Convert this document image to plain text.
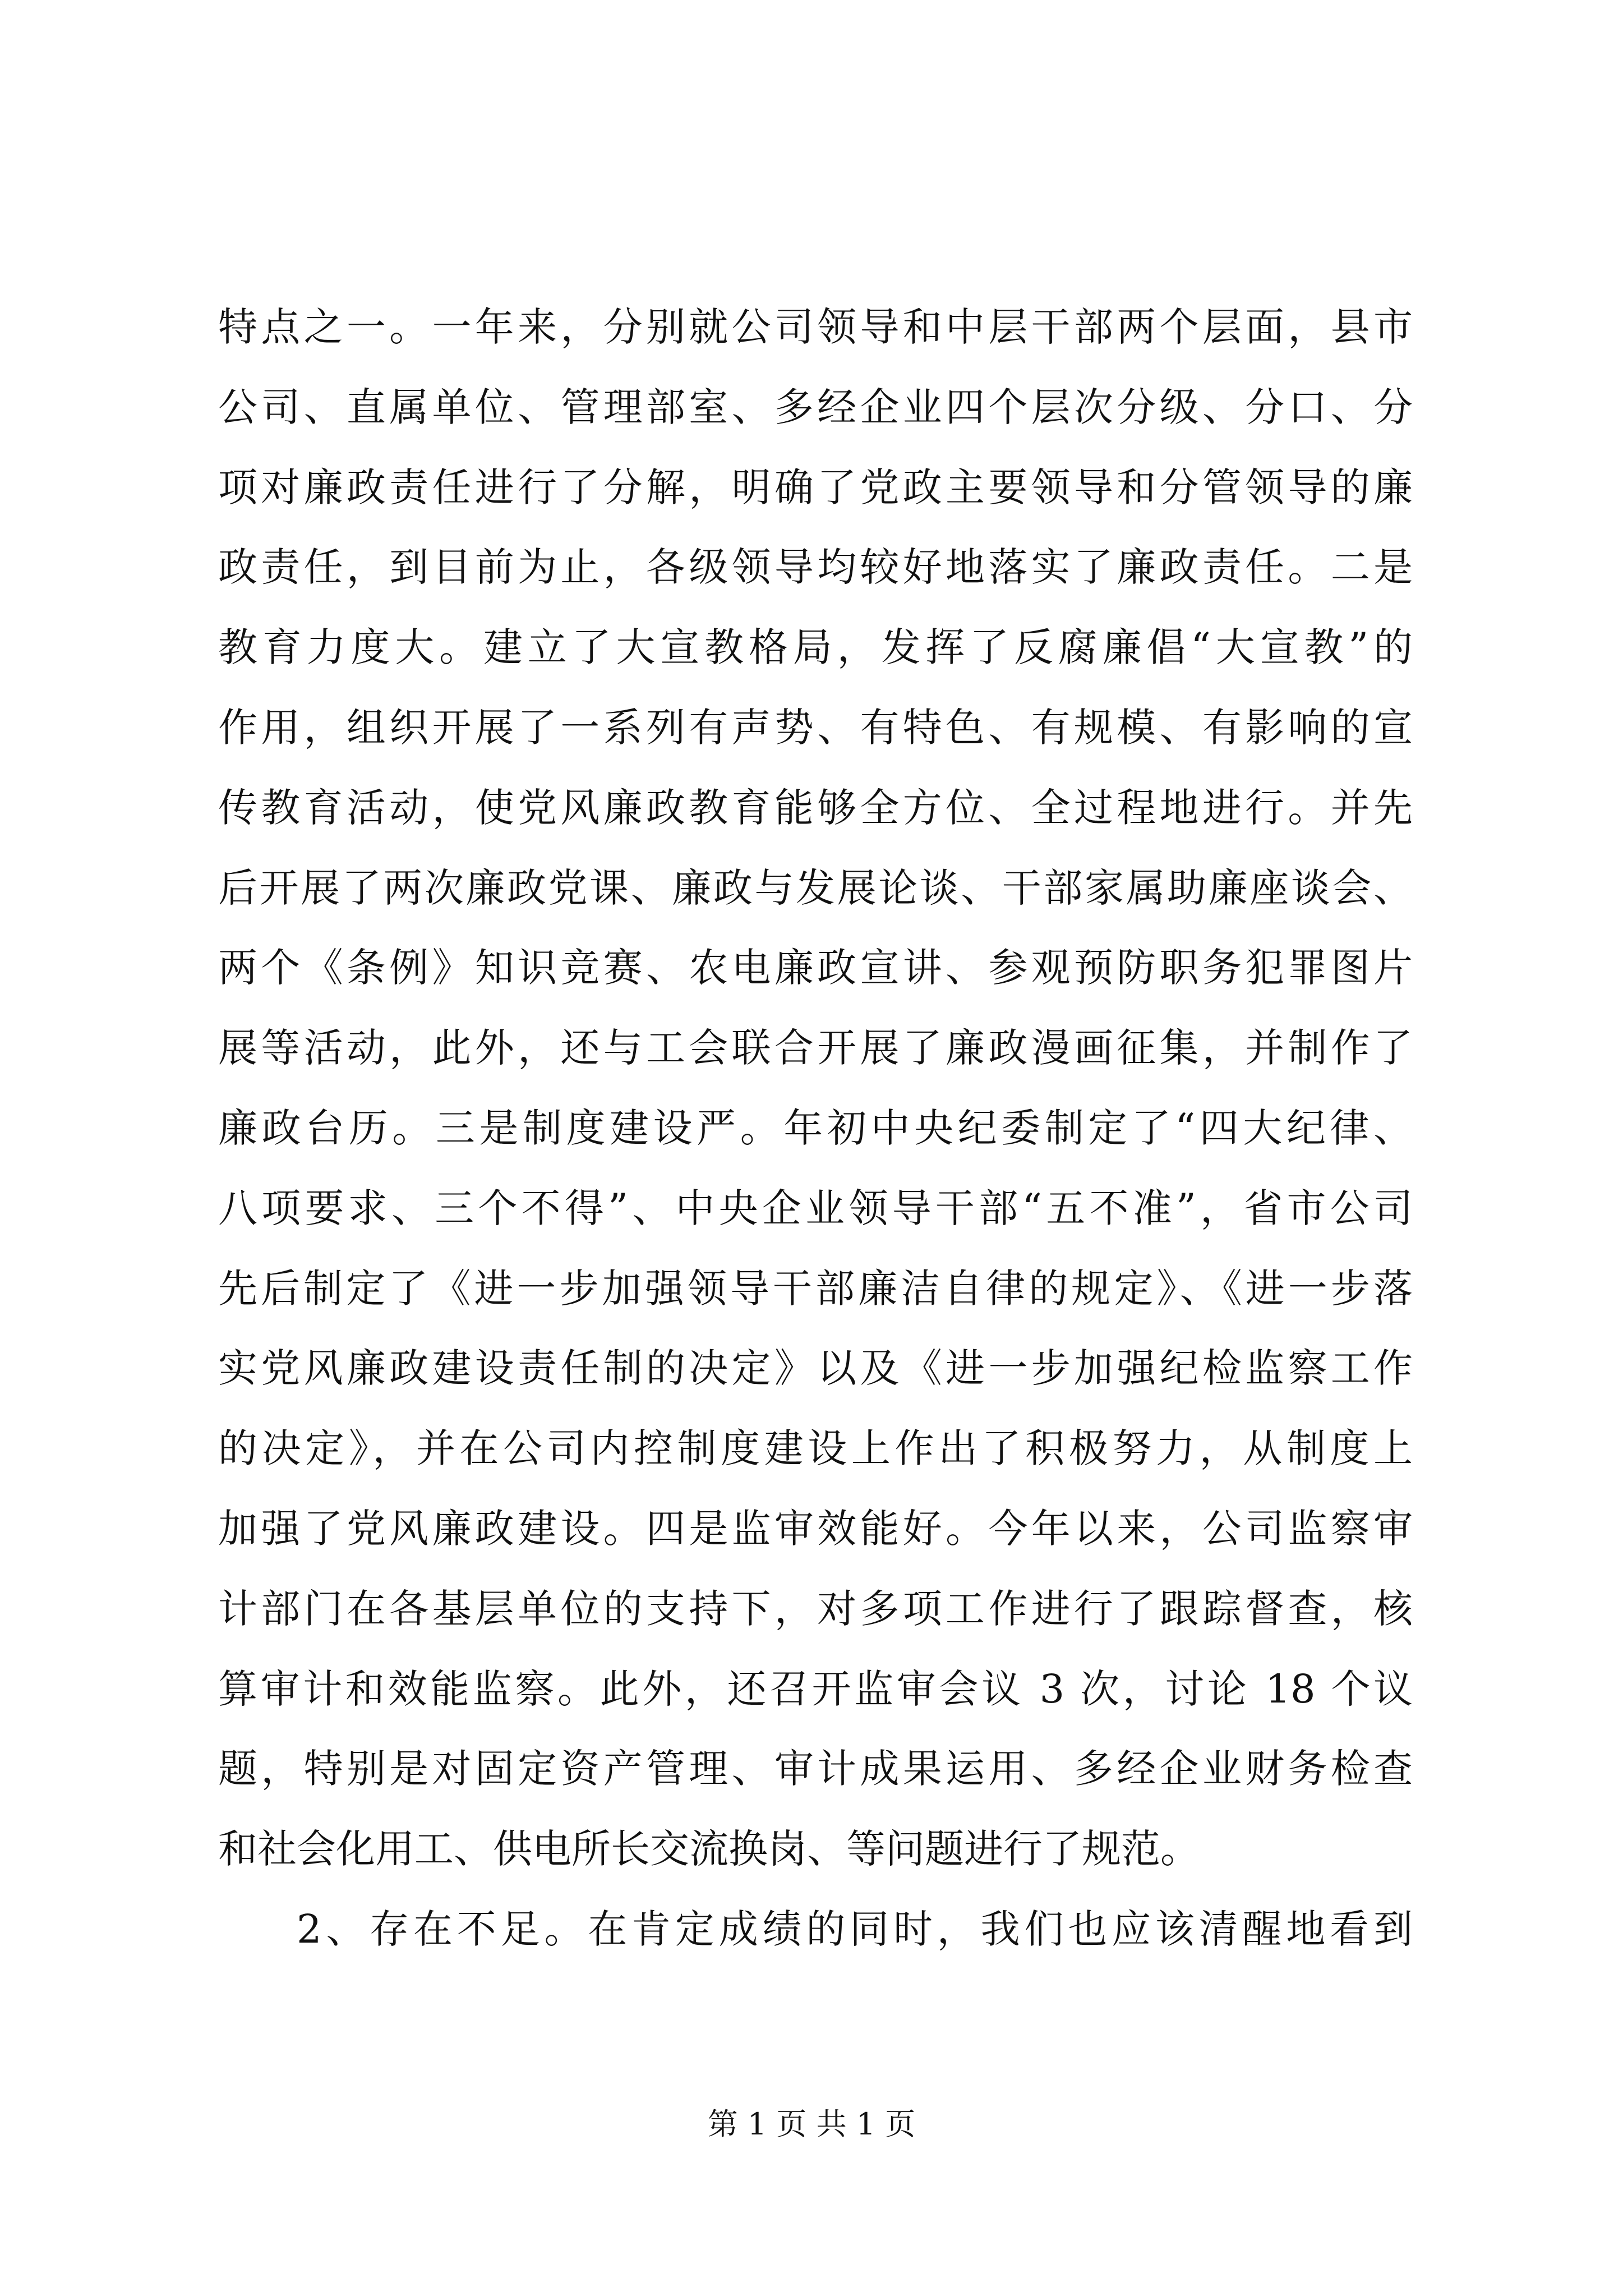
特点之一。一年来，分别就公司领导和中层干部两个层面，县市
公司、直属单位、管理部室、多经企业四个层次分级、分口、分
项对廉政责任进行了分解，明确了党政主要领导和分管领导的廉
政责任，到目前为止，各级领导均较好地落实了廉政责任。二是
教育力度大。建立了大宣教格局，发挥了反腐廉倡“大宣教”的
作用，组织开展了一系列有声势、有特色、有规模、有影响的宣
传教育活动，使党风廉政教育能够全方位、全过程地进行。并先
后开展了两次廉政党课、廉政与发展论谈、干部家属助廉座谈会、
两个《条例》知识竞赛、农电廉政宣讲、参观预防职务犯罪图片
展等活动，此外，还与工会联合开展了廉政漫画征集，并制作了
廉政台历。三是制度建设严。年初中央纪委制定了“四大纪律、
八项要求、三个不得”、中央企业领导干部“五不准”，省市公司
先后制定了《进一步加强领导干部廉洁自律的规定》、《进一步落
实党风廉政建设责任制的决定》以及《进一步加强纪检监察工作
的决定》，并在公司内控制度建设上作出了积极努力，从制度上
加强了党风廉政建设。四是监审效能好。今年以来，公司监察审
计部门在各基层单位的支持下，对多项工作进行了跟踪督查，核
算审计和效能监察。此外，还召开监审会议 3 次，讨论 18 个议
题，特别是对固定资产管理、审计成果运用、多经企业财务检查
和社会化用工、供电所长交流换岗、等问题进行了规范。
2、存在不足。在肯定成绩的同时，我们也应该清醒地看到
第 1 页 共 1 页
